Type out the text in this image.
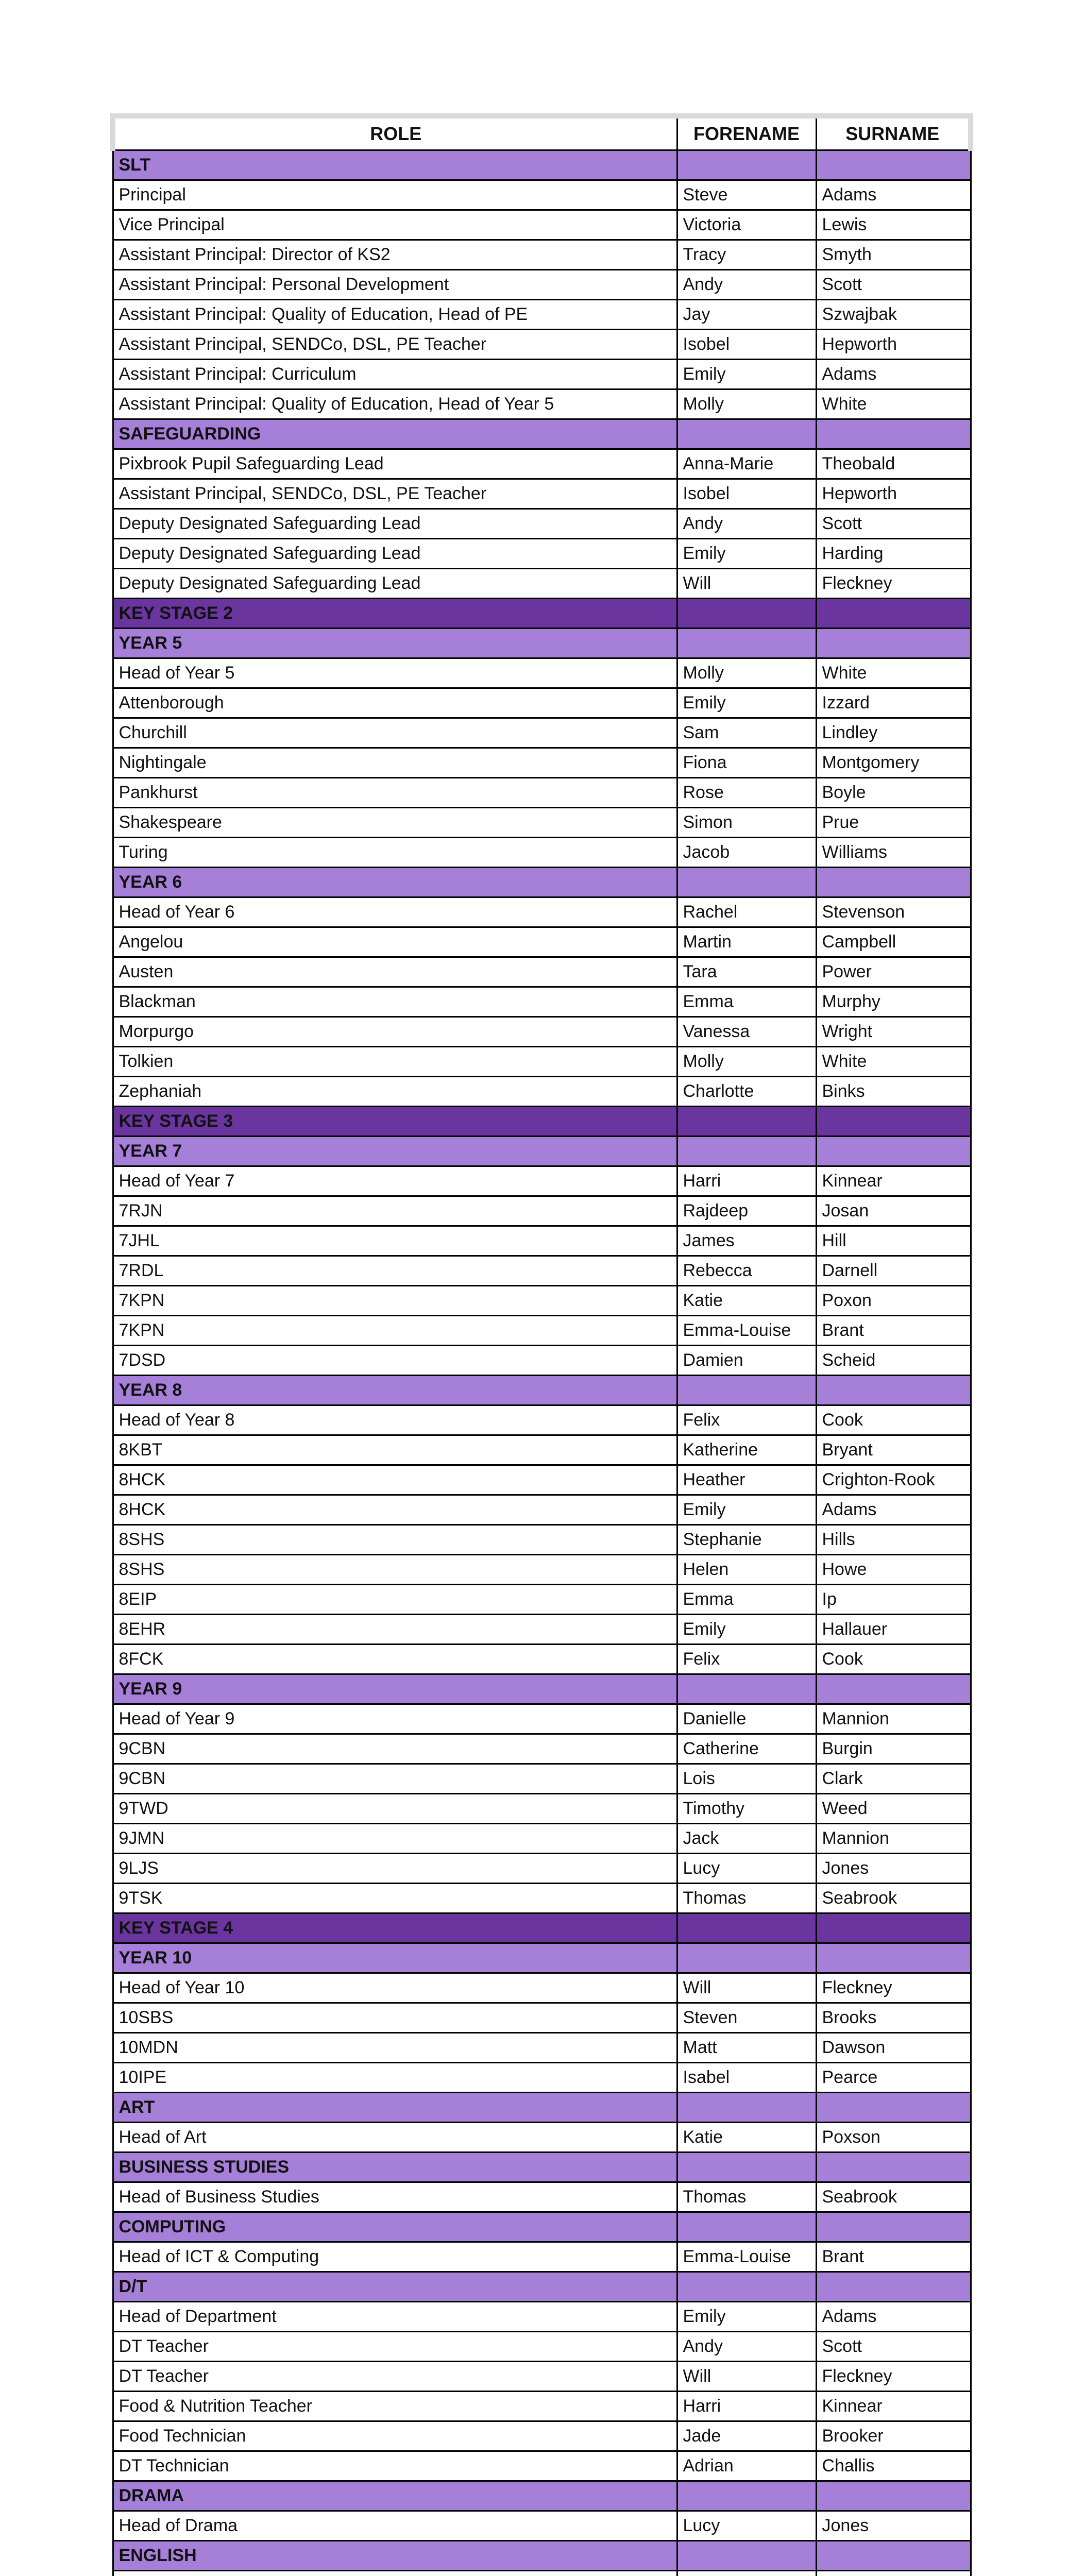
ROLE	FORENAME	SURNAME
SLT		
Principal	Steve	Adams
Vice Principal	Victoria	Lewis
Assistant Principal: Director of KS2	Tracy	Smyth
Assistant Principal: Personal Development	Andy	Scott
Assistant Principal: Quality of Education, Head of PE	Jay	Szwajbak
Assistant Principal, SENDCo, DSL, PE Teacher	Isobel	Hepworth
Assistant Principal: Curriculum	Emily	Adams
Assistant Principal: Quality of Education, Head of Year 5	Molly	White
SAFEGUARDING		
Pixbrook Pupil Safeguarding Lead	Anna-Marie	Theobald
Assistant Principal, SENDCo, DSL, PE Teacher	Isobel	Hepworth
Deputy Designated Safeguarding Lead	Andy	Scott
Deputy Designated Safeguarding Lead	Emily	Harding
Deputy Designated Safeguarding Lead	Will	Fleckney
KEY STAGE 2		
YEAR 5		
Head of Year 5	Molly	White
Attenborough	Emily	Izzard
Churchill	Sam	Lindley
Nightingale	Fiona	Montgomery
Pankhurst	Rose	Boyle
Shakespeare	Simon	Prue
Turing	Jacob	Williams
YEAR 6		
Head of Year 6	Rachel	Stevenson
Angelou	Martin	Campbell
Austen	Tara	Power
Blackman	Emma	Murphy
Morpurgo	Vanessa	Wright
Tolkien	Molly	White
Zephaniah	Charlotte	Binks
KEY STAGE 3		
YEAR 7		
Head of Year 7	Harri	Kinnear
7RJN	Rajdeep	Josan
7JHL	James	Hill
7RDL	Rebecca	Darnell
7KPN	Katie	Poxon
7KPN	Emma-Louise	Brant
7DSD	Damien	Scheid
YEAR 8		
Head of Year 8	Felix	Cook
8KBT	Katherine	Bryant
8HCK	Heather	Crighton-Rook
8HCK	Emily	Adams
8SHS	Stephanie	Hills
8SHS	Helen	Howe
8EIP	Emma	Ip
8EHR	Emily	Hallauer
8FCK	Felix	Cook
YEAR 9		
Head of Year 9	Danielle	Mannion
9CBN	Catherine	Burgin
9CBN	Lois	Clark
9TWD	Timothy	Weed
9JMN	Jack	Mannion
9LJS	Lucy	Jones
9TSK	Thomas	Seabrook
KEY STAGE 4		
YEAR 10		
Head of Year 10	Will	Fleckney
10SBS	Steven	Brooks
10MDN	Matt	Dawson
10IPE	Isabel	Pearce
ART		
Head of Art	Katie	Poxson
BUSINESS STUDIES		
Head of Business Studies	Thomas	Seabrook
COMPUTING		
Head of ICT & Computing	Emma-Louise	Brant
D/T		
Head of Department	Emily	Adams
DT Teacher	Andy	Scott
DT Teacher	Will	Fleckney
Food & Nutrition Teacher	Harri	Kinnear
Food Technician	Jade	Brooker
DT Technician	Adrian	Challis
DRAMA		
Head of Drama	Lucy	Jones
ENGLISH		
